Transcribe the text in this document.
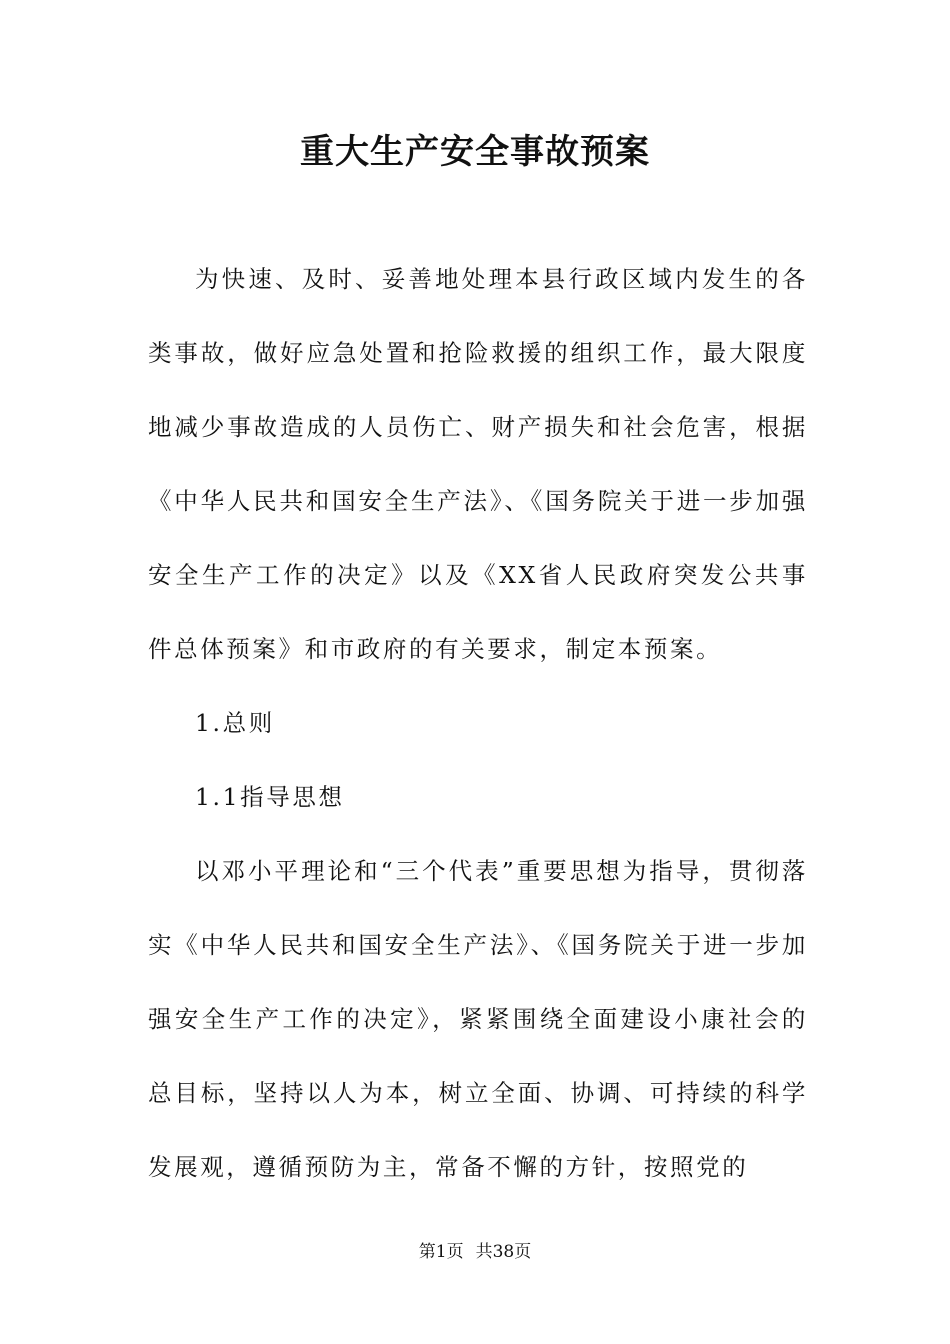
重大生产安全事故预案

为快速、及时、妥善地处理本县行政区域内发生的各类事故，做好应急处置和抢险救援的组织工作，最大限度地减少事故造成的人员伤亡、财产损失和社会危害，根据《中华人民共和国安全生产法》、《国务院关于进一步加强安全生产工作的决定》以及《XX省人民政府突发公共事件总体预案》和市政府的有关要求，制定本预案。

1.总则

1.1指导思想

以邓小平理论和“三个代表”重要思想为指导，贯彻落实《中华人民共和国安全生产法》、《国务院关于进一步加强安全生产工作的决定》，紧紧围绕全面建设小康社会的总目标，坚持以人为本，树立全面、协调、可持续的科学发展观，遵循预防为主，常备不懈的方针，按照党的

第1页 共38页
